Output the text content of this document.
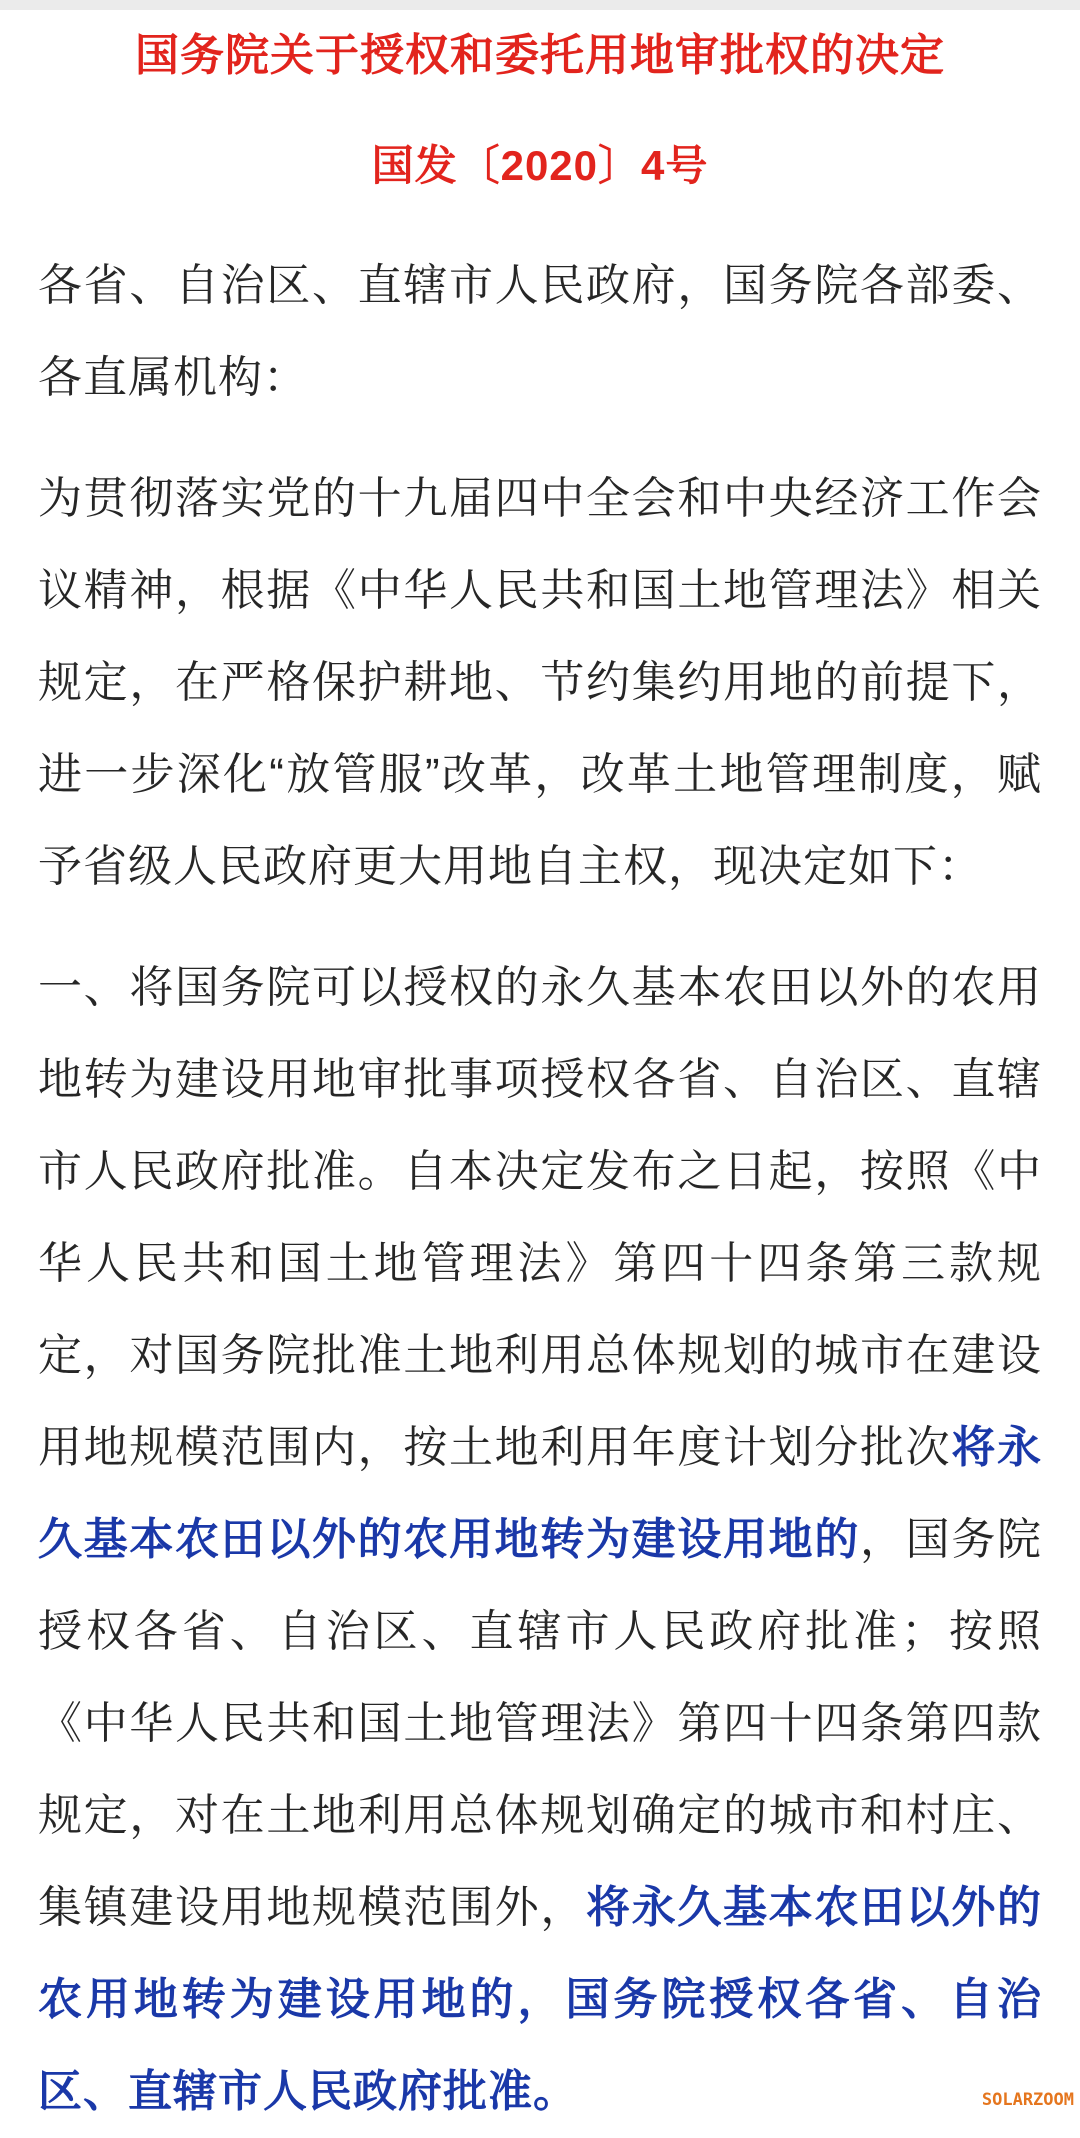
国务院关于授权和委托用地审批权的决定
国发〔2020〕4号
各省、自治区、直辖市人民政府，国务院各部委、
各直属机构：
为贯彻落实党的十九届四中全会和中央经济工作会
议精神，根据《中华人民共和国土地管理法》相关
规定，在严格保护耕地、节约集约用地的前提下，
进一步深化“放管服”改革，改革土地管理制度，赋
予省级人民政府更大用地自主权，现决定如下：
一、将国务院可以授权的永久基本农田以外的农用
地转为建设用地审批事项授权各省、自治区、直辖
市人民政府批准。自本决定发布之日起，按照《中
华人民共和国土地管理法》第四十四条第三款规
定，对国务院批准土地利用总体规划的城市在建设
用地规模范围内，按土地利用年度计划分批次将永
久基本农田以外的农用地转为建设用地的，国务院
授权各省、自治区、直辖市人民政府批准；按照
《中华人民共和国土地管理法》第四十四条第四款
规定，对在土地利用总体规划确定的城市和村庄、
集镇建设用地规模范围外，将永久基本农田以外的
农用地转为建设用地的，国务院授权各省、自治
区、直辖市人民政府批准。	SOLARZOOM
